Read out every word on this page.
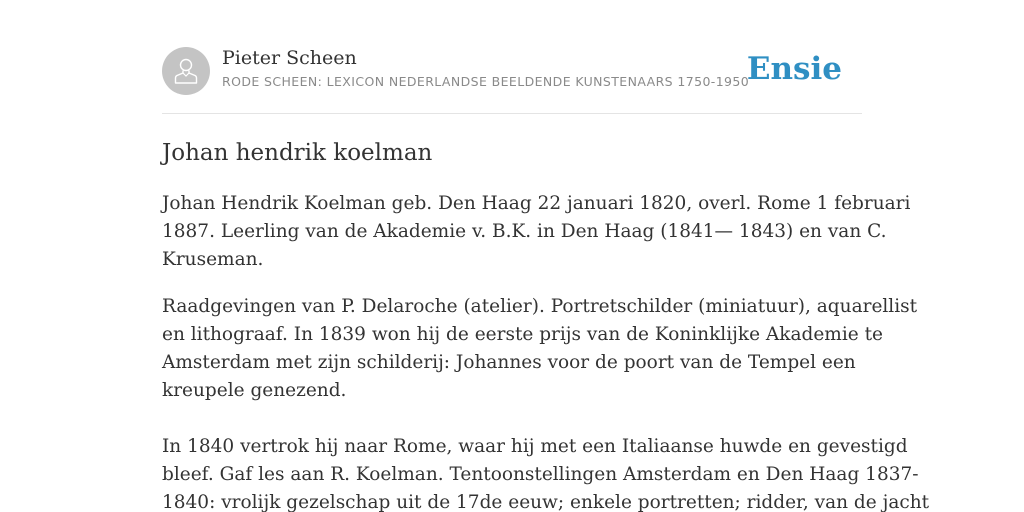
Pieter Scheen
RODE SCHEEN: LEXICON NEDERLANDSE BEELDENDE KUNSTENAARS 1750-1950
Ensie
Johan hendrik koelman

Johan Hendrik Koelman geb. Den Haag 22 januari 1820, overl. Rome 1 februari
1887. Leerling van de Akademie v. B.K. in Den Haag (1841— 1843) en van C.
Kruseman.

Raadgevingen van P. Delaroche (atelier). Portretschilder (miniatuur), aquarellist
en lithograaf. In 1839 won hij de eerste prijs van de Koninklijke Akademie te
Amsterdam met zijn schilderij: Johannes voor de poort van de Tempel een
kreupele genezend.

In 1840 vertrok hij naar Rome, waar hij met een Italiaanse huwde en gevestigd
bleef. Gaf les aan R. Koelman. Tentoonstellingen Amsterdam en Den Haag 1837-
1840: vrolijk gezelschap uit de 17de eeuw; enkele portretten; ridder, van de jacht
